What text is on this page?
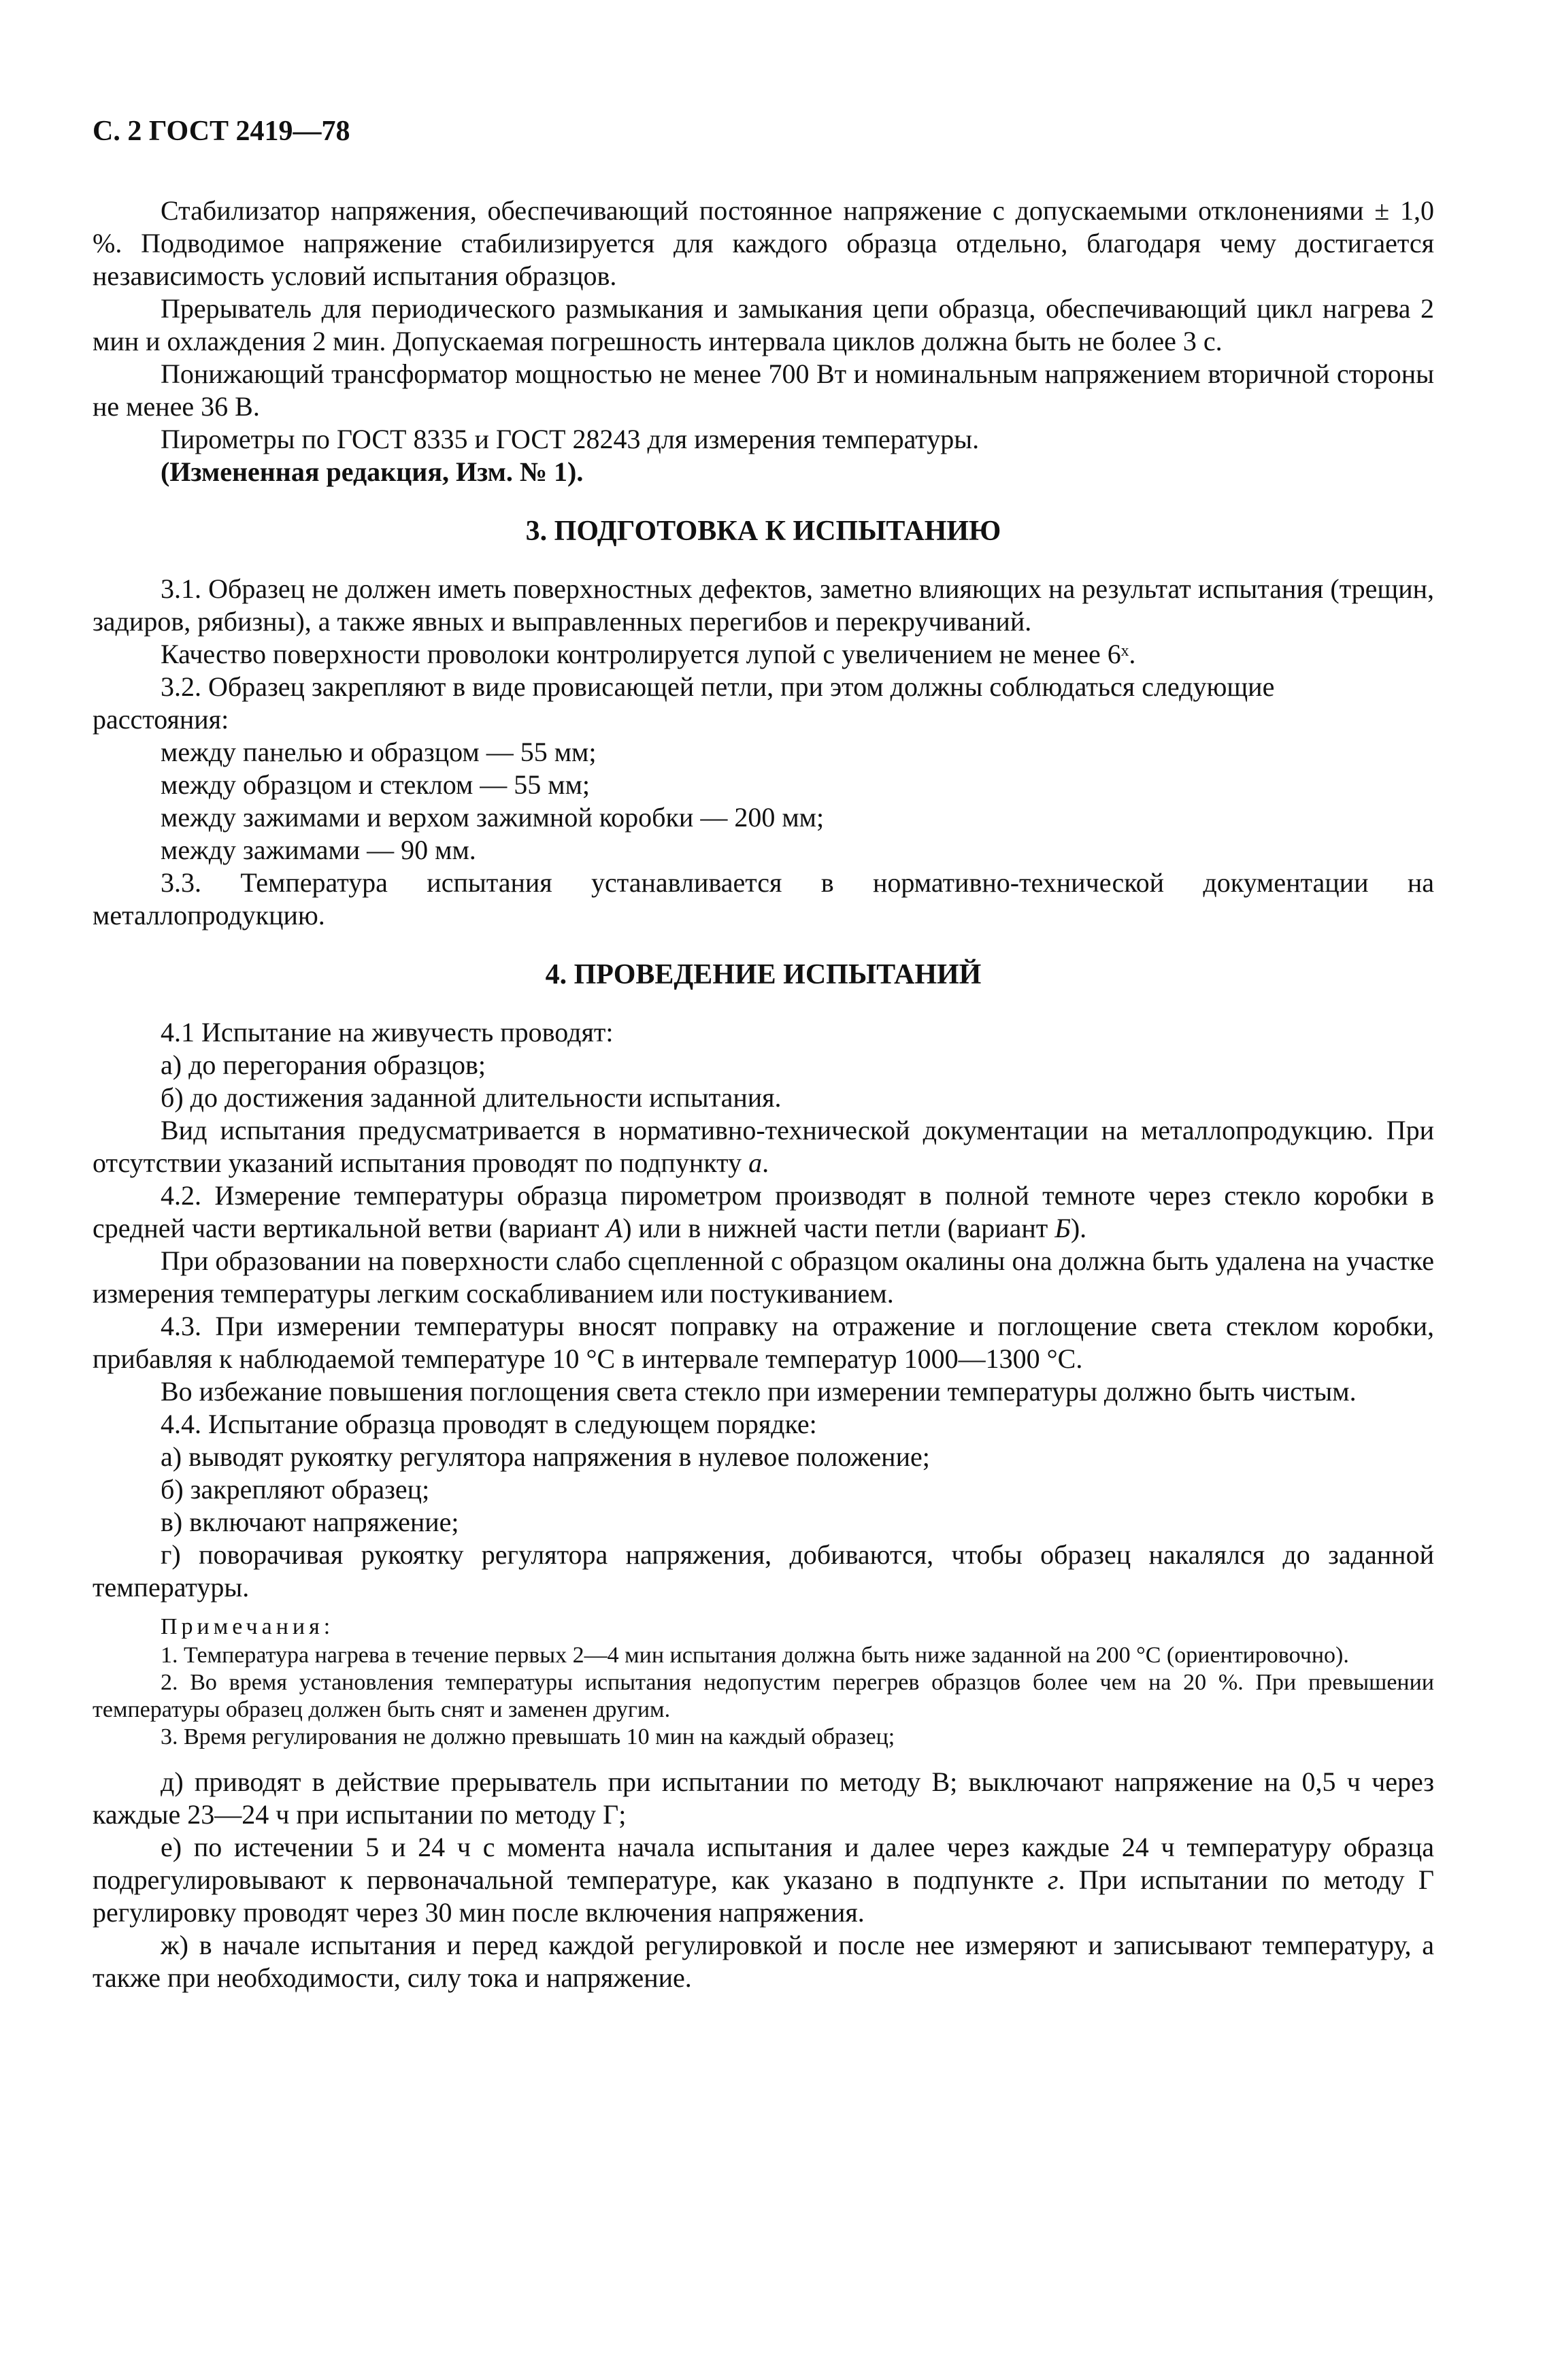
С. 2 ГОСТ 2419—78

Стабилизатор напряжения, обеспечивающий постоянное напряжение с допускаемыми отклонениями ± 1,0 %. Подводимое напряжение стабилизируется для каждого образца отдельно, благодаря чему достигается независимость условий испытания образцов.

Прерыватель для периодического размыкания и замыкания цепи образца, обеспечивающий цикл нагрева 2 мин и охлаждения 2 мин. Допускаемая погрешность интервала циклов должна быть не более 3 с.

Понижающий трансформатор мощностью не менее 700 Вт и номинальным напряжением вторичной стороны не менее 36 В.

Пирометры по ГОСТ 8335 и ГОСТ 28243 для измерения температуры.

(Измененная редакция, Изм. № 1).

3. ПОДГОТОВКА К ИСПЫТАНИЮ

3.1. Образец не должен иметь поверхностных дефектов, заметно влияющих на результат испытания (трещин, задиров, рябизны), а также явных и выправленных перегибов и перекручиваний.

Качество поверхности проволоки контролируется лупой с увеличением не менее 6ˣ.

3.2. Образец закрепляют в виде провисающей петли, при этом должны соблюдаться следующие

расстояния:

между панелью и образцом — 55 мм;

между образцом и стеклом — 55 мм;

между зажимами и верхом зажимной коробки — 200 мм;

между зажимами — 90 мм.

3.3. Температура испытания устанавливается в нормативно-технической документации на металлопродукцию.

4. ПРОВЕДЕНИЕ ИСПЫТАНИЙ

4.1 Испытание на живучесть проводят:

а) до перегорания образцов;

б) до достижения заданной длительности испытания.

Вид испытания предусматривается в нормативно-технической документации на металлопродукцию. При отсутствии указаний испытания проводят по подпункту а.

4.2. Измерение температуры образца пирометром производят в полной темноте через стекло коробки в средней части вертикальной ветви (вариант А) или в нижней части петли (вариант Б).

При образовании на поверхности слабо сцепленной с образцом окалины она должна быть удалена на участке измерения температуры легким соскабливанием или постукиванием.

4.3. При измерении температуры вносят поправку на отражение и поглощение света стеклом коробки, прибавляя к наблюдаемой температуре 10 °С в интервале температур 1000—1300 °С.

Во избежание повышения поглощения света стекло при измерении температуры должно быть чистым.

4.4. Испытание образца проводят в следующем порядке:

а) выводят рукоятку регулятора напряжения в нулевое положение;

б) закрепляют образец;

в) включают напряжение;

г) поворачивая рукоятку регулятора напряжения, добиваются, чтобы образец накалялся до заданной температуры.

Примечания:

1. Температура нагрева в течение первых 2—4 мин испытания должна быть ниже заданной на 200 °С (ориентировочно).

2. Во время установления температуры испытания недопустим перегрев образцов более чем на 20 %. При превышении температуры образец должен быть снят и заменен другим.

3. Время регулирования не должно превышать 10 мин на каждый образец;

д) приводят в действие прерыватель при испытании по методу В; выключают напряжение на 0,5 ч через каждые 23—24 ч при испытании по методу Г;

е) по истечении 5 и 24 ч с момента начала испытания и далее через каждые 24 ч температуру образца подрегулировывают к первоначальной температуре, как указано в подпункте г. При испытании по методу Г регулировку проводят через 30 мин после включения напряжения.

ж) в начале испытания и перед каждой регулировкой и после нее измеряют и записывают температуру, а также при необходимости, силу тока и напряжение.
